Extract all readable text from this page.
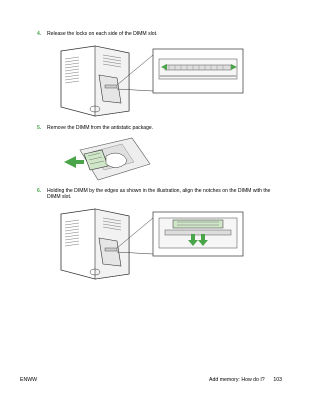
4. Release the locks on each side of the DIMM slot.
5. Remove the DIMM from the antistatic package.
6. Holding the DIMM by the edges as shown in the illustration, align the notches on the DIMM with the DIMM slot.
ENWW	Add memory: How do I? 103
